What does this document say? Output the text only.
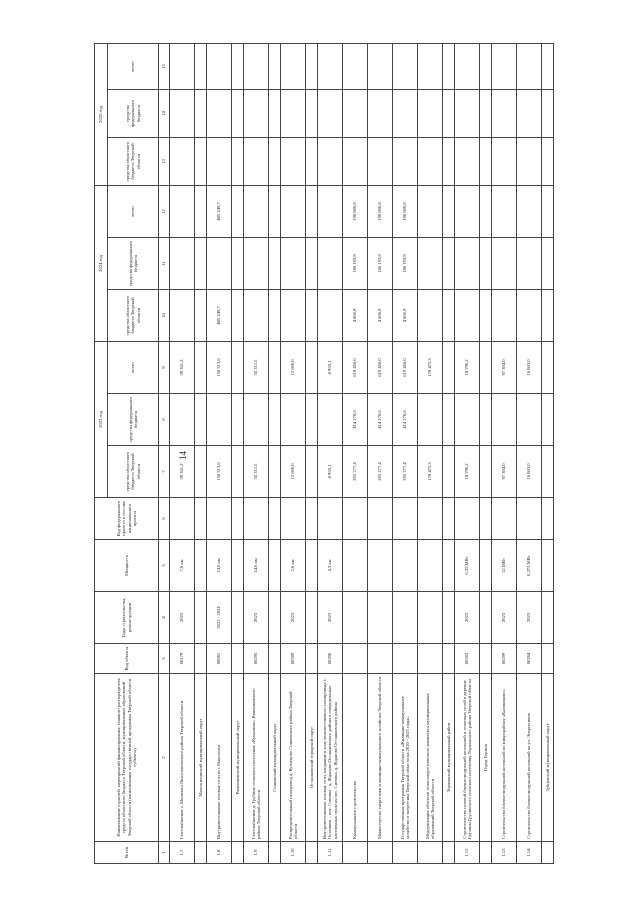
14
№ п/п	Наименование отраслей, мероприятий финансирования, главного распорядителя средств областного бюджета Тверской области, муниципальных образований Тверской области (наименование государственной программы Тверской области субъекта)	Код объекта	Годы строительства, реконструкции	Мощность	Код федерального проекта в составе национального проекта	2023 год			2024 год			2025 год		
						средства областного бюджета Тверской области	средства федерального бюджета	всего	средства областного бюджета Тверской области	средства федерального бюджета	всего	средства областного бюджета Тверской области	средства федерального бюджета	всего
1	2	3	4	5	6	7	8	9	10	11	12	13	14	15
1.7	Газоснабжение с. Мошенка Лихославльского района Тверской области	00179	2023	7,6 км		39 361,2		39 361,2						
	Максатихинский муниципальный округ													
1.8	Внутрипоселковые газовые сети пгт. Максатиха	00081	2022 - 2024	14,0 км		156 313,6		156 313,6	485 249,7		485 249,7			
	Рамешковский муниципальный округ													
1.9	Газоснабжение д. Трубино сельского поселения «Кушалино» Рамешковского района Тверской области	00295	2023	14,6 км		35 311,5		35 311,5						
	Сонковский муниципальный округ													
1.10	Распределительный газопровод д. Кузнецово Сонковского района Тверской области	00289	2023	2,6 км		12 600,0		12 600,0						
	Осташковский городской округ													
1.11	Внутрипоселковые газовые сети, входящие в зону межпоселкового газопровода г. Осташков – пос. Сиговка - д. Жданово Осташковского района в сопредельных населенных пунктах пос. Сиговка, д. Жданово Осташковского района	00290	2023	4,3 км		8 955,1		8 955,1						
	Коммунальное строительство					205 277,4	414 178,6	619 456,0	4 606,9	186 193,9	190 800,8			
	Министерство энергетики и жилищно-коммунального хозяйства Тверской области					205 277,4	414 178,6	619 456,0	4 606,9	186 193,9	190 800,8			
	Государственная программа Тверской области «Жилищно-коммунальное хозяйство и энергетика Тверской области на 2020 - 2025 годы»					205 277,4	414 178,6	619 456,0	4 606,9	186 193,9	190 800,8			
	Модернизация объектов теплоэнергетического комплекса муниципальных образований Тверской области					178 475,3		178 475,3						
	Торжокский муниципальный район													
1.12	Строительство газовой блочно-модульной котельной и тепловых сетей в деревне Грузины Грузинского сельского поселения Торжокского района Тверской области	00283	2023	0,35 МВт		18 790,2		18 790,2						
	Город Торжок													
1.13	Строительство блочно-модульной котельной по микрорайону «Калиниково»	00299	2023	12 МВт		97 304,0		97 304,0						
1.14	Строительство блочно-модульной котельной на ул. Энергетиков	00284	2023	0,375 МВт		16 863,0		16 863,0						
	Зубцовский муниципальный округ													
